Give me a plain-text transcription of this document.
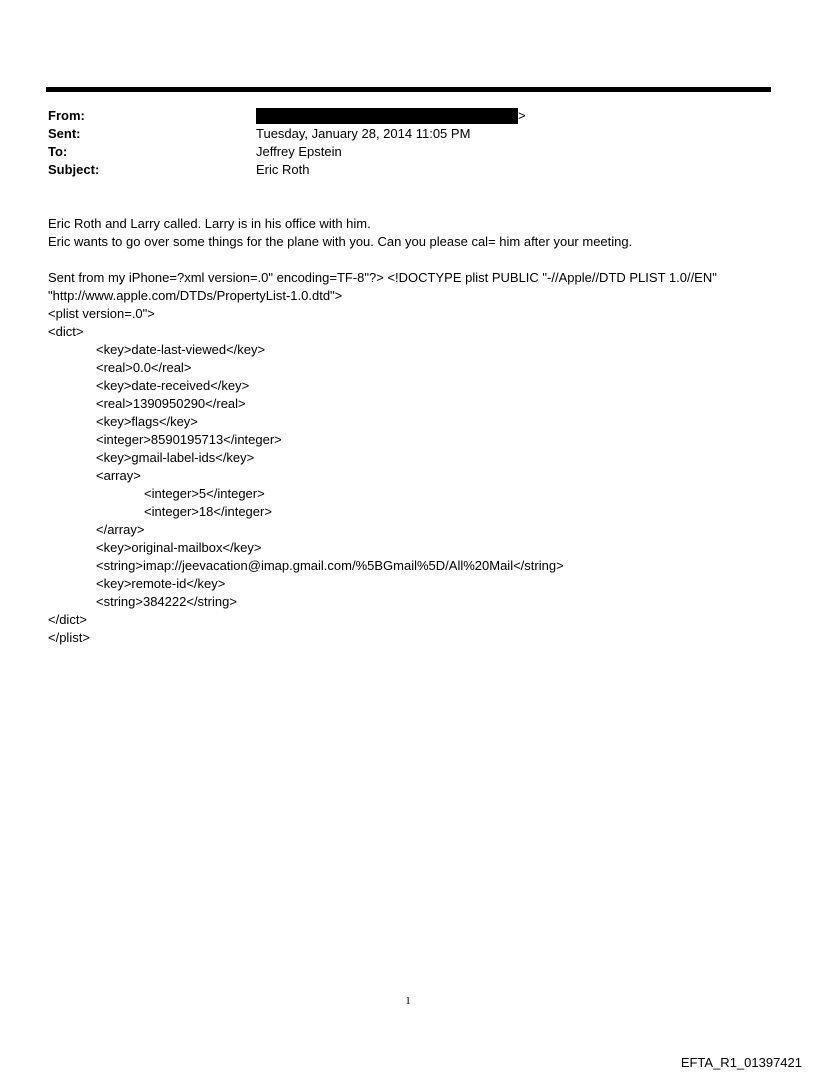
From:	>
Sent:	Tuesday, January 28, 2014 11:05 PM
To:	Jeffrey Epstein
Subject:	Eric Roth
Eric Roth and Larry called. Larry is in his office with him.
Eric wants to go over some things for the plane with you. Can you please cal= him after your meeting.
Sent from my iPhone=?xml version=.0" encoding=TF-8"?> <!DOCTYPE plist PUBLIC "-//Apple//DTD PLIST 1.0//EN"
"http://www.apple.com/DTDs/PropertyList-1.0.dtd">
<plist version=.0">
<dict>
<key>date-last-viewed</key>
<real>0.0</real>
<key>date-received</key>
<real>1390950290</real>
<key>flags</key>
<integer>8590195713</integer>
<key>gmail-label-ids</key>
<array>
<integer>5</integer>
<integer>18</integer>
</array>
<key>original-mailbox</key>
<string>imap://jeevacation@imap.gmail.com/%5BGmail%5D/All%20Mail</string>
<key>remote-id</key>
<string>384222</string>
</dict>
</plist>
1
EFTA_R1_01397421
